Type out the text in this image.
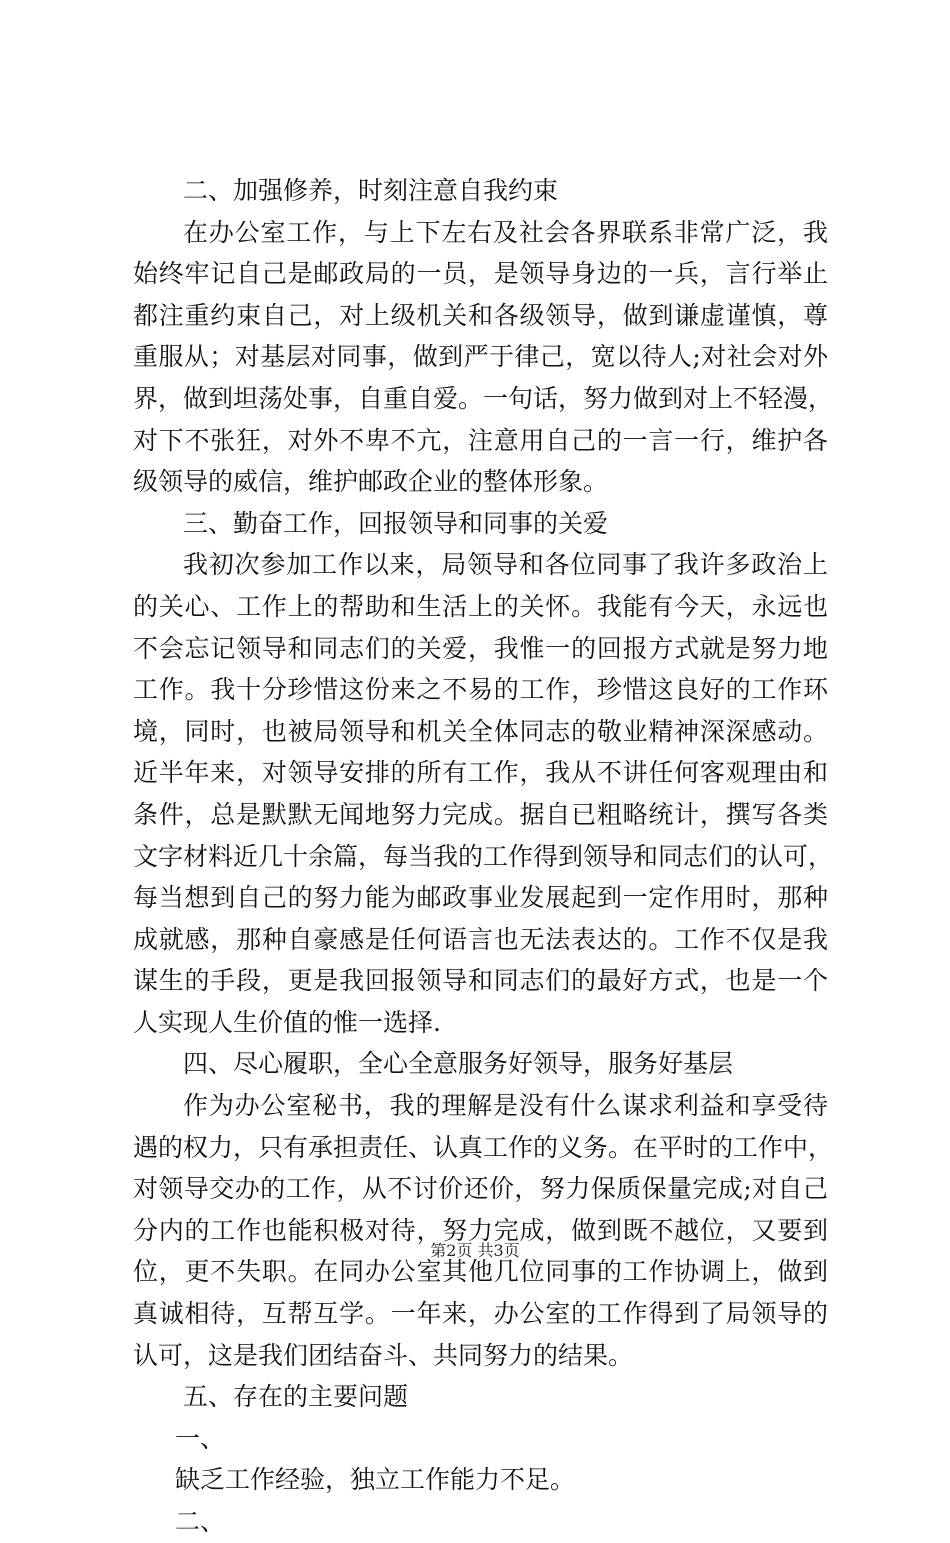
二、加强修养，时刻注意自我约束
在办公室工作，与上下左右及社会各界联系非常广泛，我
始终牢记自己是邮政局的一员，是领导身边的一兵，言行举止
都注重约束自己，对上级机关和各级领导，做到谦虚谨慎，尊
重服从；对基层对同事，做到严于律己，宽以待人;对社会对外
界，做到坦荡处事，自重自爱。一句话，努力做到对上不轻漫，
对下不张狂，对外不卑不亢，注意用自己的一言一行，维护各
级领导的威信，维护邮政企业的整体形象。
三、勤奋工作，回报领导和同事的关爱
我初次参加工作以来，局领导和各位同事了我许多政治上
的关心、工作上的帮助和生活上的关怀。我能有今天，永远也
不会忘记领导和同志们的关爱，我惟一的回报方式就是努力地
工作。我十分珍惜这份来之不易的工作，珍惜这良好的工作环
境，同时，也被局领导和机关全体同志的敬业精神深深感动。
近半年来，对领导安排的所有工作，我从不讲任何客观理由和
条件，总是默默无闻地努力完成。据自已粗略统计，撰写各类
文字材料近几十余篇，每当我的工作得到领导和同志们的认可，
每当想到自己的努力能为邮政事业发展起到一定作用时，那种
成就感，那种自豪感是任何语言也无法表达的。工作不仅是我
谋生的手段，更是我回报领导和同志们的最好方式，也是一个
人实现人生价值的惟一选择.
四、尽心履职，全心全意服务好领导，服务好基层
作为办公室秘书，我的理解是没有什么谋求利益和享受待
遇的权力，只有承担责任、认真工作的义务。在平时的工作中，
对领导交办的工作，从不讨价还价，努力保质保量完成;对自己
分内的工作也能积极对待，努力完成，做到既不越位，又要到
位，更不失职。在同办公室其他几位同事的工作协调上，做到
真诚相待，互帮互学。一年来，办公室的工作得到了局领导的
认可，这是我们团结奋斗、共同努力的结果。
五、存在的主要问题
一、
缺乏工作经验，独立工作能力不足。
二、
第2页 共3页
